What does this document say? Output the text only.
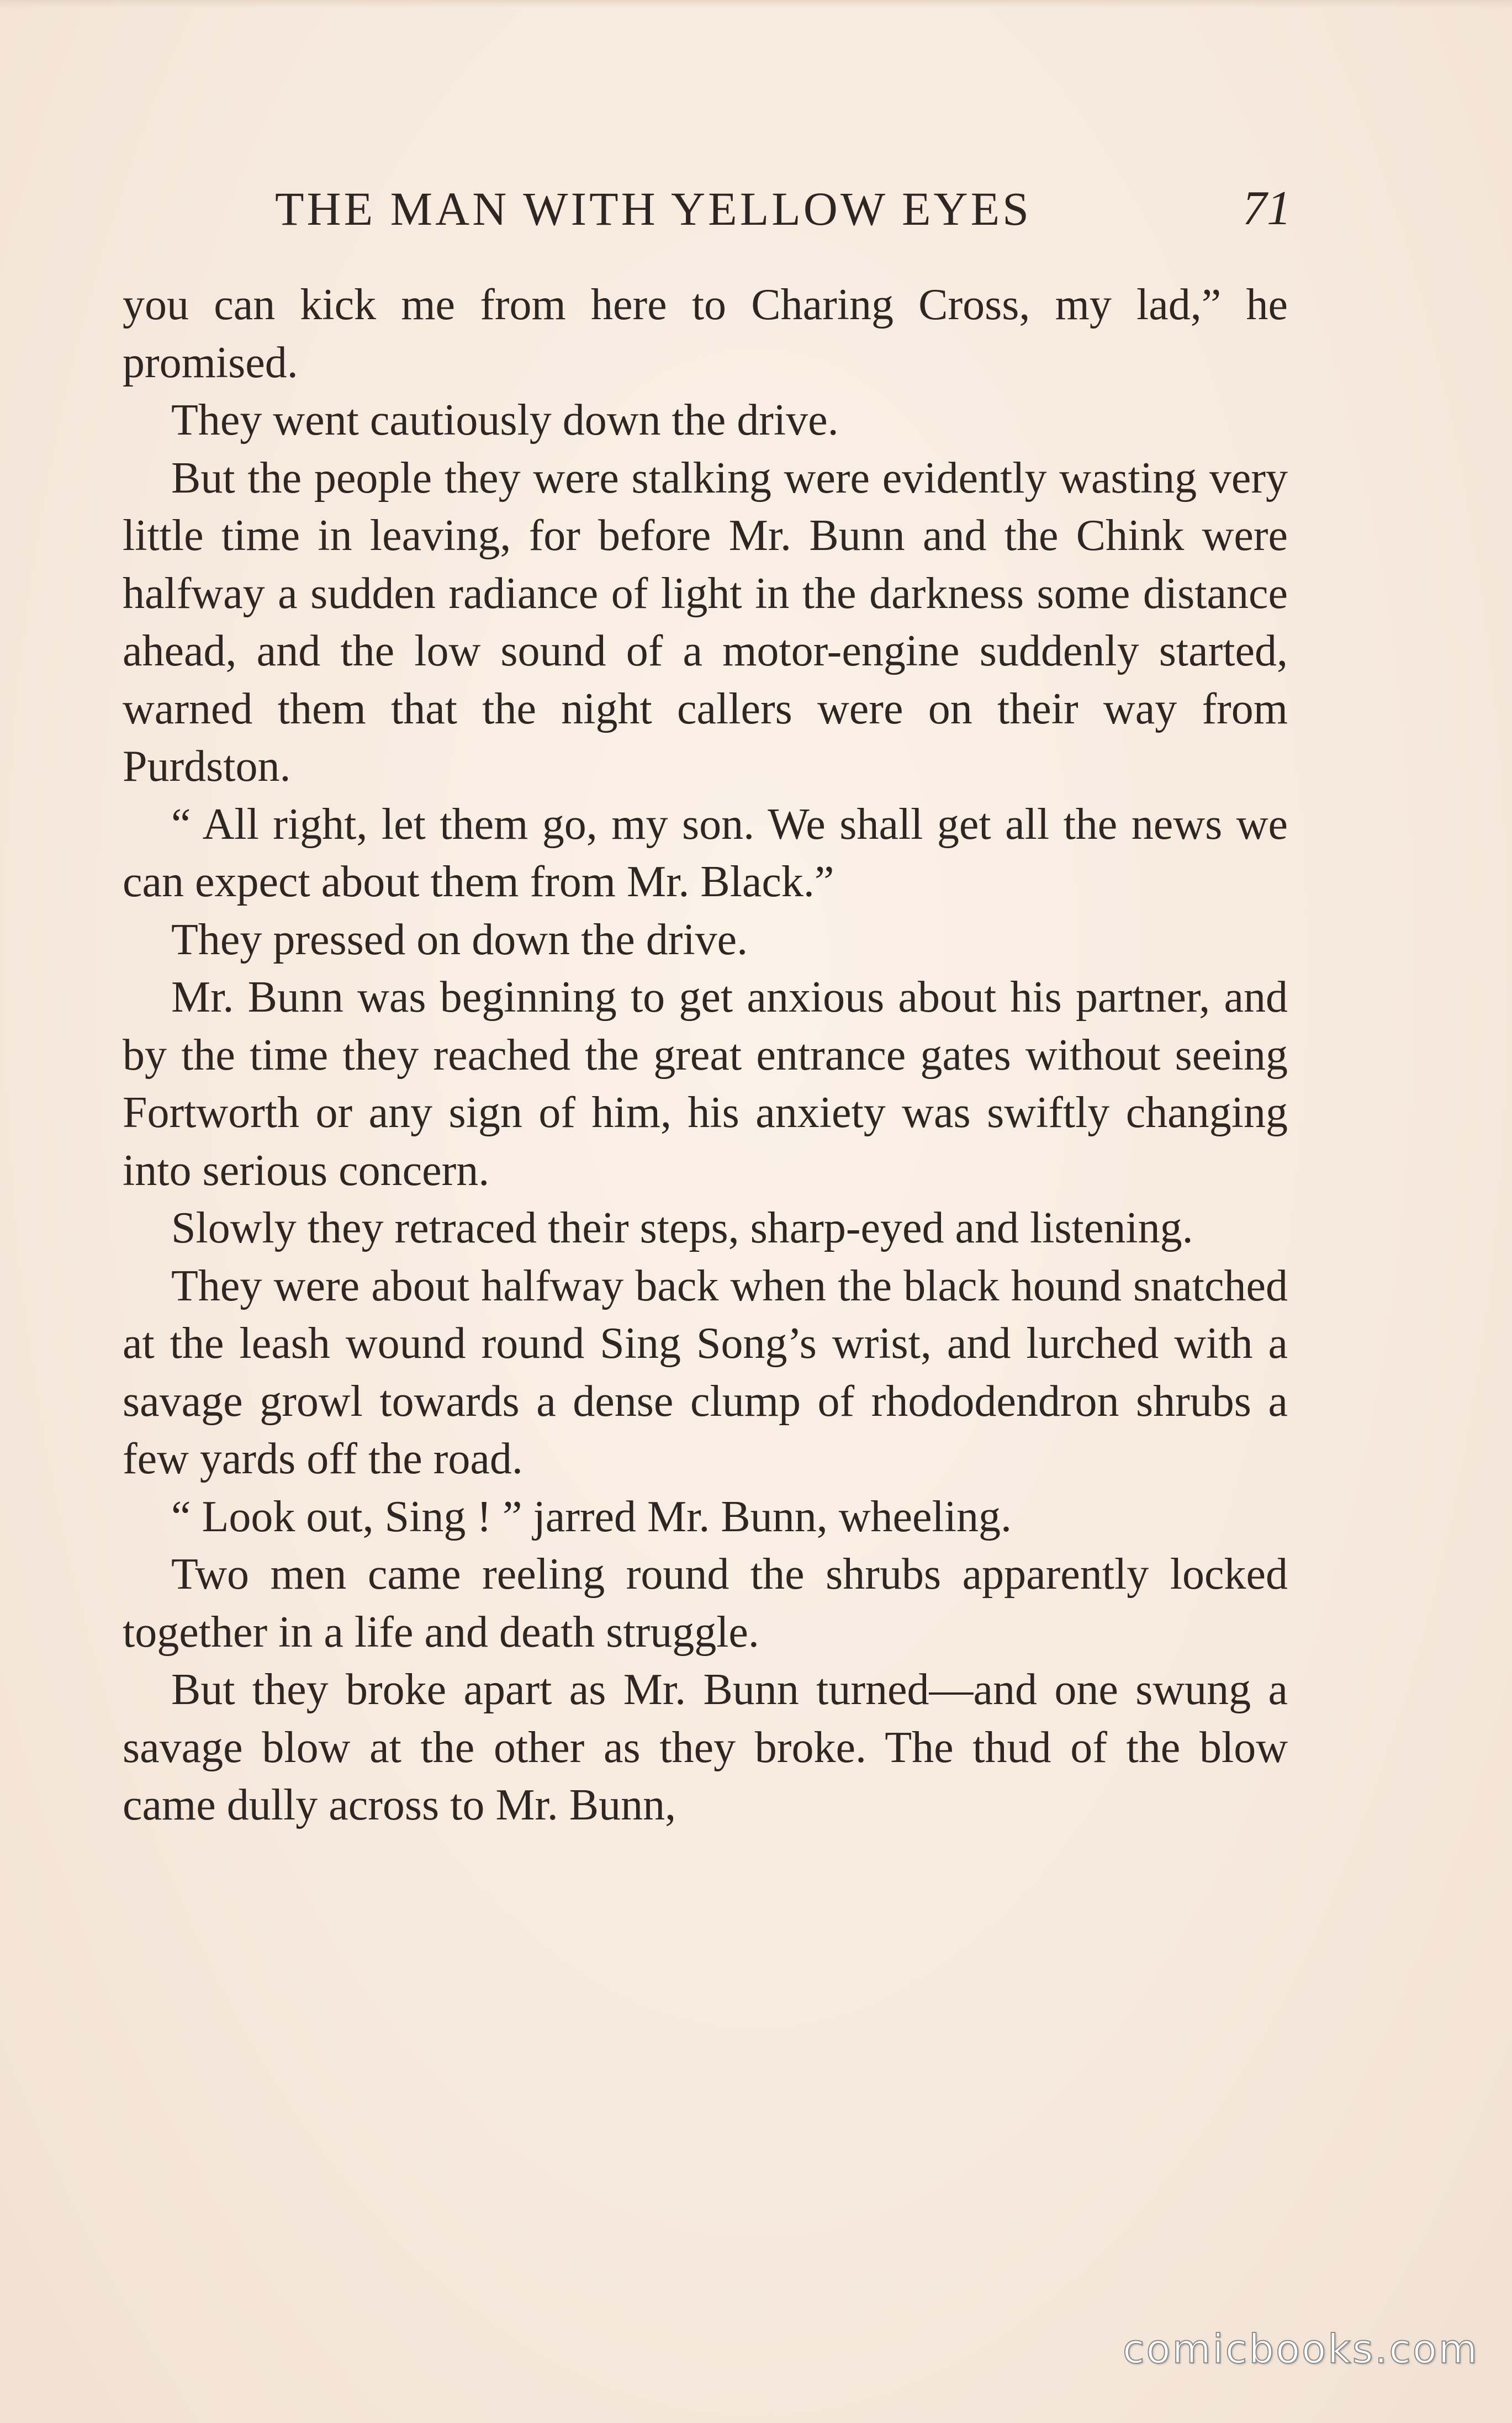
THE MAN WITH YELLOW EYES	71

you can kick me from here to Charing Cross, my lad,” he promised.

They went cautiously down the drive.

But the people they were stalking were evidently wasting very little time in leaving, for before Mr. Bunn and the Chink were halfway a sudden radiance of light in the darkness some distance ahead, and the low sound of a motor-engine suddenly started, warned them that the night callers were on their way from Purdston.

“ All right, let them go, my son. We shall get all the news we can expect about them from Mr. Black.”

They pressed on down the drive.

Mr. Bunn was beginning to get anxious about his partner, and by the time they reached the great entrance gates without seeing Fortworth or any sign of him, his anxiety was swiftly changing into serious concern.

Slowly they retraced their steps, sharp-eyed and listening.

They were about halfway back when the black hound snatched at the leash wound round Sing Song’s wrist, and lurched with a savage growl towards a dense clump of rhododendron shrubs a few yards off the road.

“ Look out, Sing ! ” jarred Mr. Bunn, wheeling.

Two men came reeling round the shrubs apparently locked together in a life and death struggle.

But they broke apart as Mr. Bunn turned—and one swung a savage blow at the other as they broke. The thud of the blow came dully across to Mr. Bunn,

comicbooks.com
